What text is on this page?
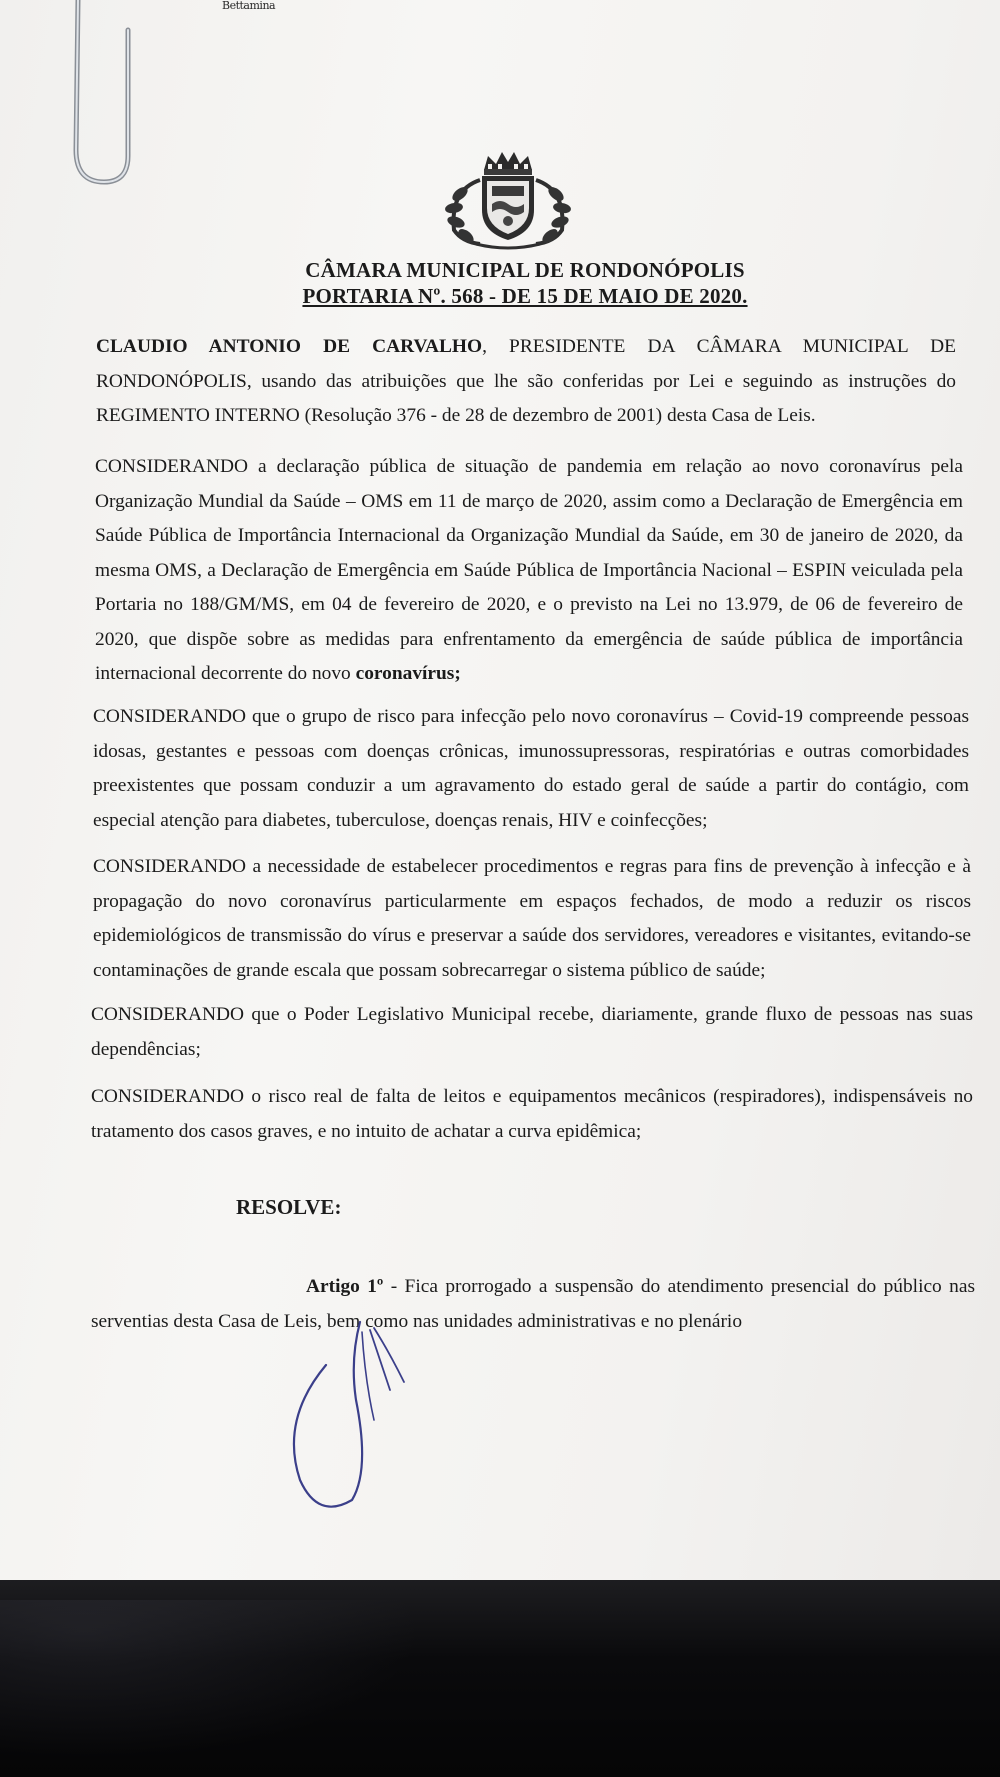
Bettamina
CÂMARA MUNICIPAL DE RONDONÓPOLIS
PORTARIA Nº. 568 - DE 15 DE MAIO DE 2020.
CLAUDIO ANTONIO DE CARVALHO, PRESIDENTE DA CÂMARA MUNICIPAL DE RONDONÓPOLIS, usando das atribuições que lhe são conferidas por Lei e seguindo as instruções do REGIMENTO INTERNO (Resolução 376 - de 28 de dezembro de 2001) desta Casa de Leis.
CONSIDERANDO a declaração pública de situação de pandemia em relação ao novo coronavírus pela Organização Mundial da Saúde – OMS em 11 de março de 2020, assim como a Declaração de Emergência em Saúde Pública de Importância Internacional da Organização Mundial da Saúde, em 30 de janeiro de 2020, da mesma OMS, a Declaração de Emergência em Saúde Pública de Importância Nacional – ESPIN veiculada pela Portaria no 188/GM/MS, em 04 de fevereiro de 2020, e o previsto na Lei no 13.979, de 06 de fevereiro de 2020, que dispõe sobre as medidas para enfrentamento da emergência de saúde pública de importância internacional decorrente do novo coronavírus;
CONSIDERANDO que o grupo de risco para infecção pelo novo coronavírus – Covid-19 compreende pessoas idosas, gestantes e pessoas com doenças crônicas, imunossupressoras, respiratórias e outras comorbidades preexistentes que possam conduzir a um agravamento do estado geral de saúde a partir do contágio, com especial atenção para diabetes, tuberculose, doenças renais, HIV e coinfecções;
CONSIDERANDO a necessidade de estabelecer procedimentos e regras para fins de prevenção à infecção e à propagação do novo coronavírus particularmente em espaços fechados, de modo a reduzir os riscos epidemiológicos de transmissão do vírus e preservar a saúde dos servidores, vereadores e visitantes, evitando-se contaminações de grande escala que possam sobrecarregar o sistema público de saúde;
CONSIDERANDO que o Poder Legislativo Municipal recebe, diariamente, grande fluxo de pessoas nas suas dependências;
CONSIDERANDO o risco real de falta de leitos e equipamentos mecânicos (respiradores), indispensáveis no tratamento dos casos graves, e no intuito de achatar a curva epidêmica;
RESOLVE:
Artigo 1º - Fica prorrogado a suspensão do atendimento presencial do público nas serventias desta Casa de Leis, bem como nas unidades administrativas e no plenário
